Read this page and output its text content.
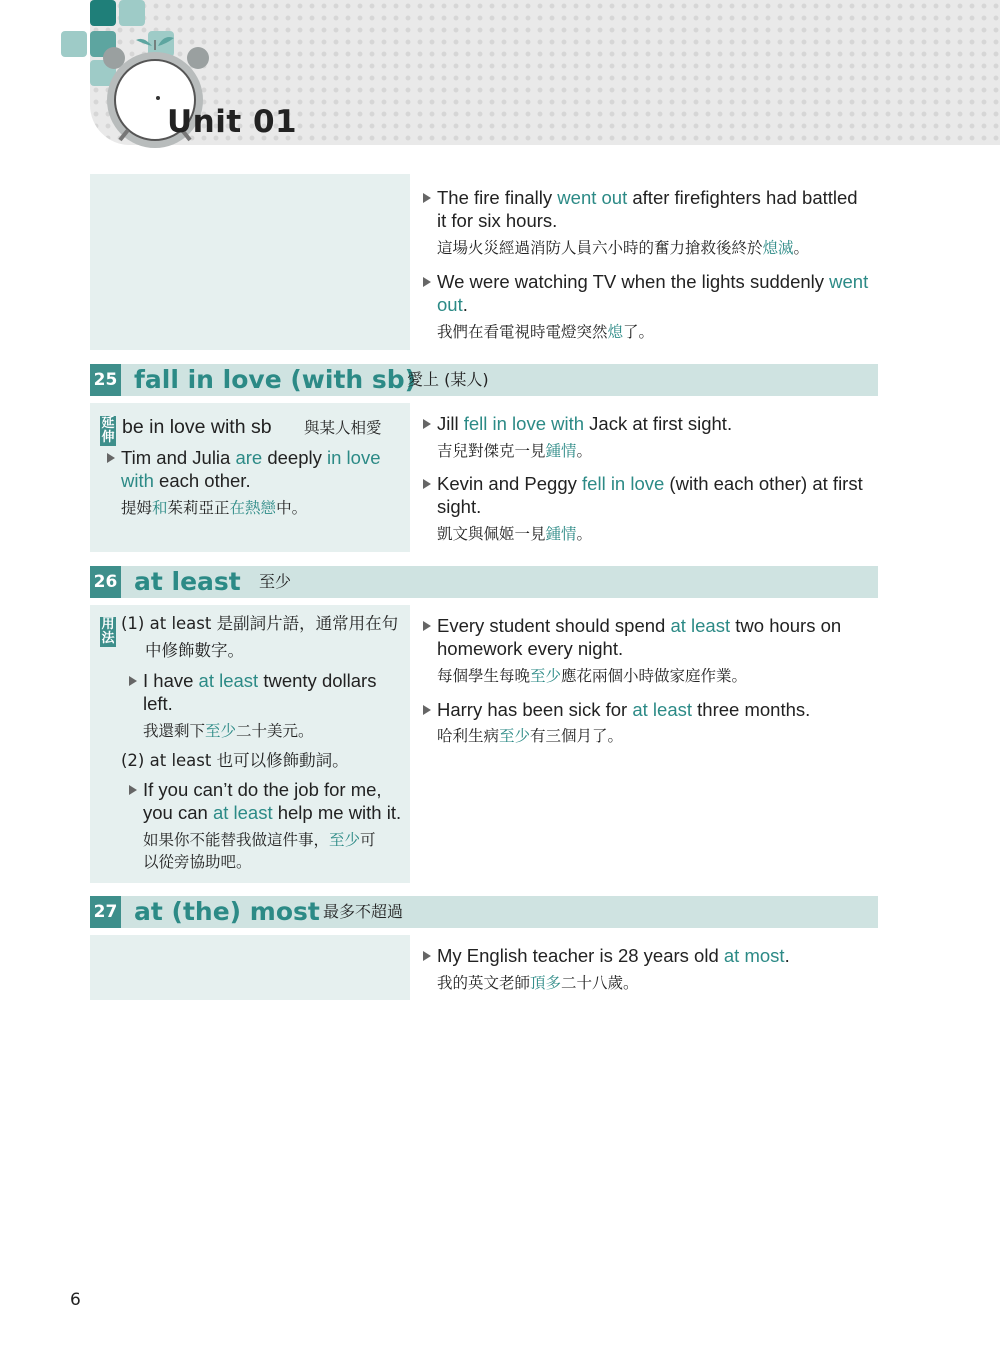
Unit 01
The fire finally went out after firefighters had battled
it for six hours.
這場火災經過消防人員六小時的奮力搶救後終於熄滅。
We were watching TV when the lights suddenly went
out.
我們在看電視時電燈突然熄了。
25 fall in love (with sb)
愛上 (某人)
延伸 be in love with sb 與某人相愛
Tim and Julia are deeply in love
with each other.
提姆和茱莉亞正在熱戀中。
Jill fell in love with Jack at first sight.
吉兒對傑克一見鍾情。
Kevin and Peggy fell in love (with each other) at first
sight.
凱文與佩姬一見鍾情。
26 at least 至少
用法
(1) at least 是副詞片語，通常用在句
中修飾數字。
I have at least twenty dollars
left.
我還剩下至少二十美元。
(2) at least 也可以修飾動詞。
If you can’t do the job for me,
you can at least help me with it.
如果你不能替我做這件事，至少可
以從旁協助吧。
Every student should spend at least two hours on
homework every night.
每個學生每晚至少應花兩個小時做家庭作業。
Harry has been sick for at least three months.
哈利生病至少有三個月了。
27 at (the) most 最多不超過
My English teacher is 28 years old at most.
我的英文老師頂多二十八歲。
6
